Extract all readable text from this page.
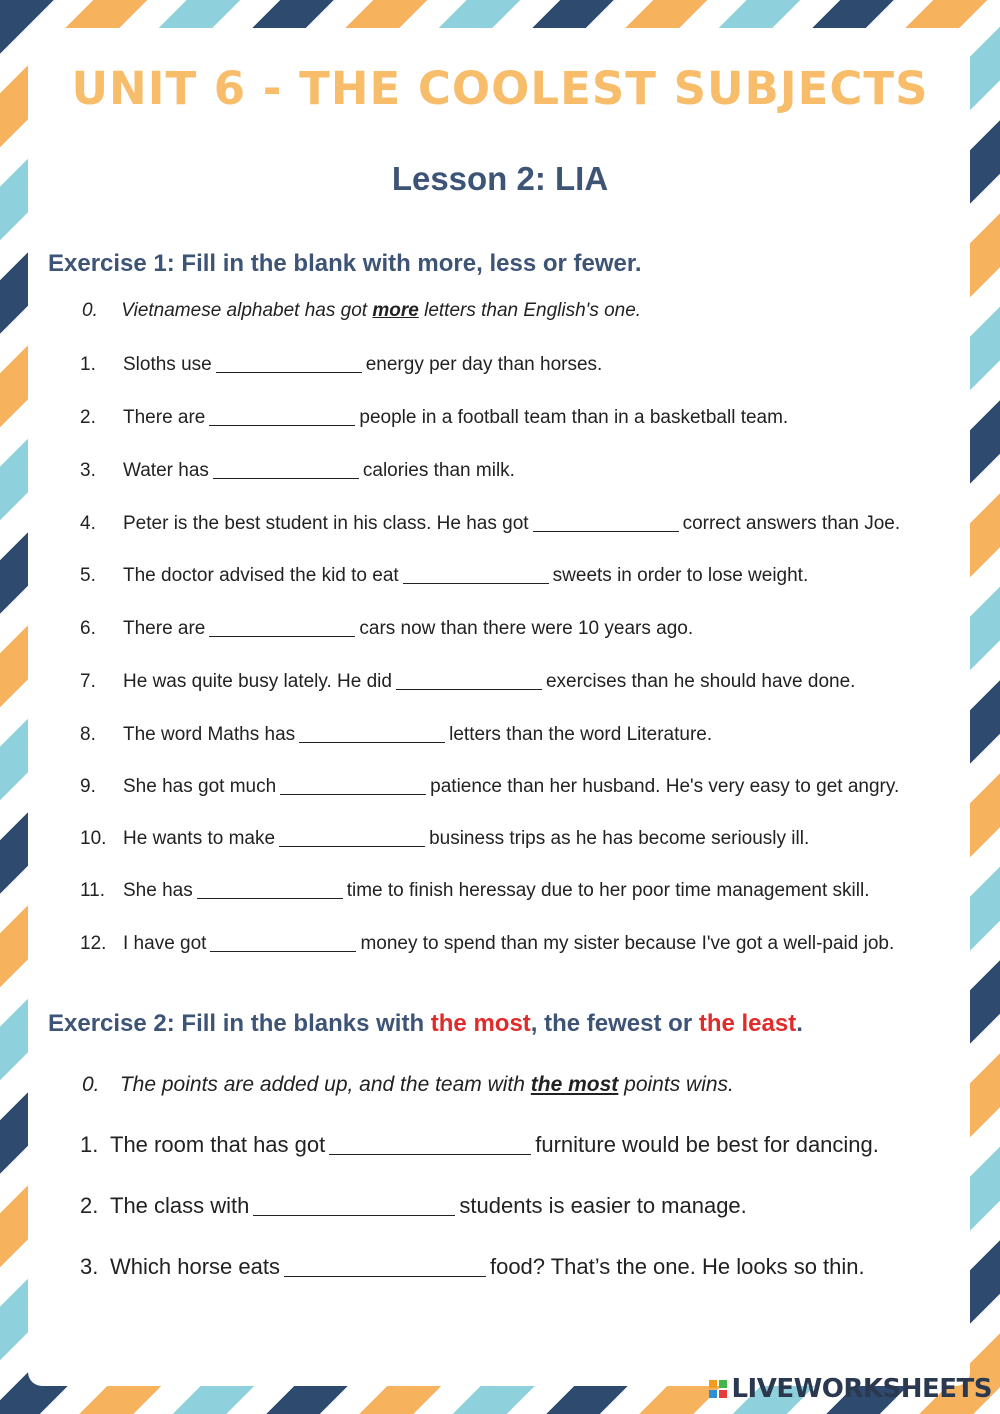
UNIT 6 - THE COOLEST SUBJECTS
Lesson 2: LIA
Exercise 1: Fill in the blank with more, less or fewer.
0. Vietnamese alphabet has got more letters than English's one.
1. Sloths use	energy per day than horses.
2. There are	people in a football team than in a basketball team.
3. Water has	calories than milk.
4. Peter is the best student in his class. He has got	correct answers than Joe.
5. The doctor advised the kid to eat	sweets in order to lose weight.
6. There are	cars now than there were 10 years ago.
7. He was quite busy lately. He did	exercises than he should have done.
8. The word Maths has	letters than the word Literature.
9. She has got much	patience than her husband. He's very easy to get angry.
10. He wants to make	business trips as he has become seriously ill.
11. She has	time to finish heressay due to her poor time management skill.
12. I have got	money to spend than my sister because I've got a well-paid job.
Exercise 2: Fill in the blanks with the most, the fewest or the least.
0. The points are added up, and the team with the most points wins.
1. The room that has got	furniture would be best for dancing.
2. The class with	students is easier to manage.
3. Which horse eats	food? That’s the one. He looks so thin.
LIVEWORKSHEETS
